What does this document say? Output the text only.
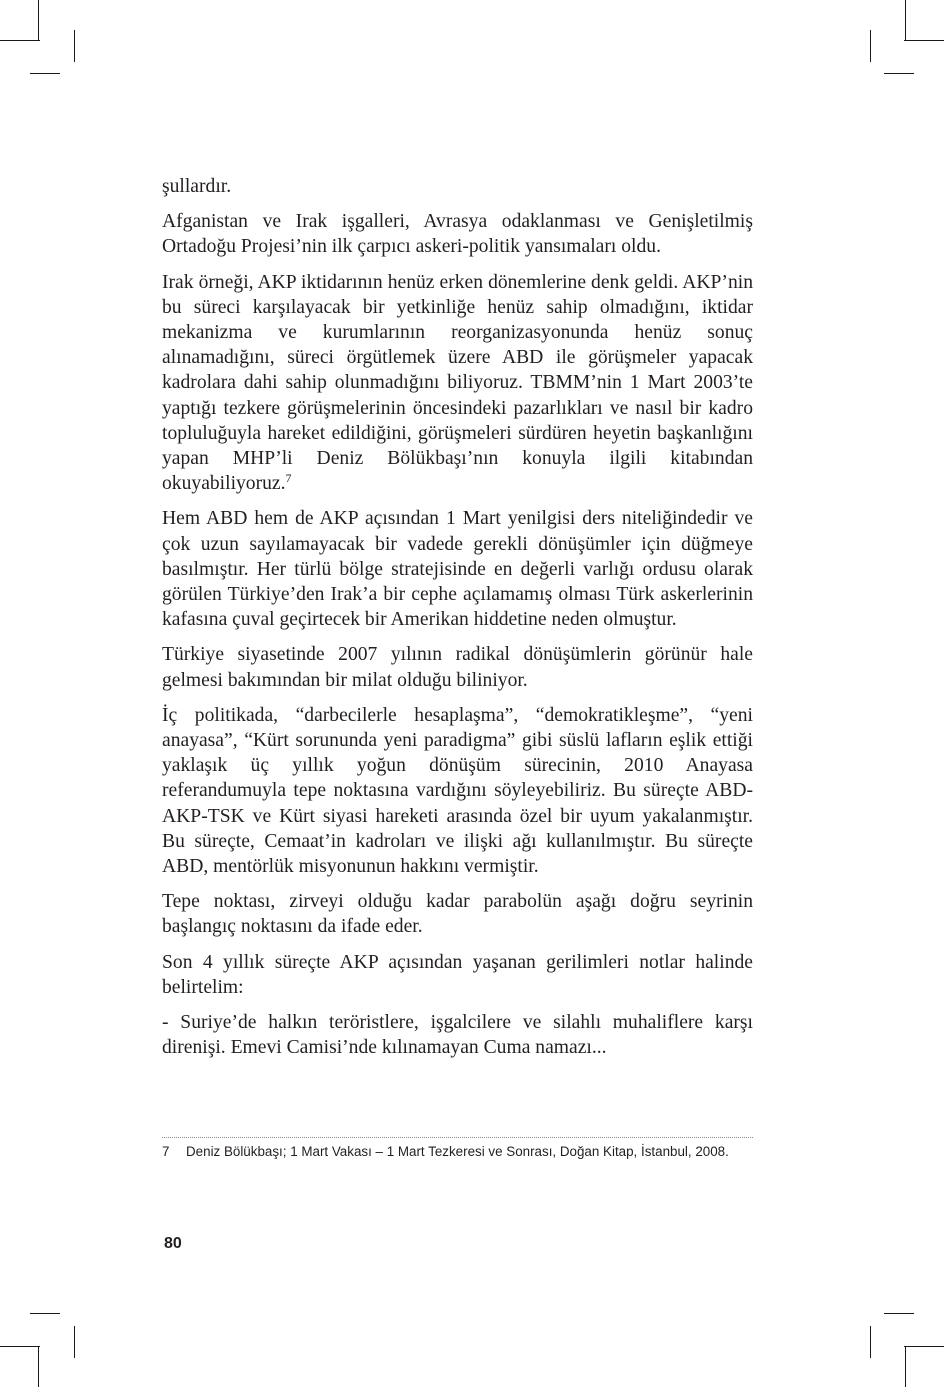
şullardır.

Afganistan ve Irak işgalleri, Avrasya odaklanması ve Genişletilmiş Ortadoğu Projesi’nin ilk çarpıcı askeri-politik yansımaları oldu.

Irak örneği, AKP iktidarının henüz erken dönemlerine denk geldi. AKP’nin bu süreci karşılayacak bir yetkinliğe henüz sahip olmadığını, iktidar mekanizma ve kurumlarının reorganizasyonunda henüz sonuç alınamadığını, süreci örgütlemek üzere ABD ile görüşmeler yapacak kadrolara dahi sahip olunmadığını biliyoruz. TBMM’nin 1 Mart 2003’te yaptığı tezkere görüşmelerinin öncesindeki pazarlıkları ve nasıl bir kadro topluluğuyla hareket edildiğini, görüşmeleri sürdüren heyetin başkanlığını yapan MHP’li Deniz Bölükbaşı’nın konuyla ilgili kitabından okuyabiliyoruz.$^7$

Hem ABD hem de AKP açısından 1 Mart yenilgisi ders niteliğindedir ve çok uzun sayılamayacak bir vadede gerekli dönüşümler için düğmeye basılmıştır. Her türlü bölge stratejisinde en değerli varlığı ordusu olarak görülen Türkiye’den Irak’a bir cephe açılamamış olması Türk askerlerinin kafasına çuval geçirtecek bir Amerikan hiddetine neden olmuştur.

Türkiye siyasetinde 2007 yılının radikal dönüşümlerin görünür hale gelmesi bakımından bir milat olduğu biliniyor.

İç politikada, “darbecilerle hesaplaşma”, “demokratikleşme”, “yeni anayasa”, “Kürt sorununda yeni paradigma” gibi süslü lafların eşlik ettiği yaklaşık üç yıllık yoğun dönüşüm sürecinin, 2010 Anayasa referandumuyla tepe noktasına vardığını söyleyebiliriz. Bu süreçte ABD-AKP-TSK ve Kürt siyasi hareketi arasında özel bir uyum yakalanmıştır. Bu süreçte, Cemaat’in kadroları ve ilişki ağı kullanılmıştır. Bu süreçte ABD, mentörlük misyonunun hakkını vermiştir.

Tepe noktası, zirveyi olduğu kadar parabolün aşağı doğru seyrinin başlangıç noktasını da ifade eder.

Son 4 yıllık süreçte AKP açısından yaşanan gerilimleri notlar halinde belirtelim:

- Suriye’de halkın teröristlere, işgalcilere ve silahlı muhaliflere karşı direnişi. Emevi Camisi’nde kılınamayan Cuma namazı...

7 Deniz Bölükbaşı; 1 Mart Vakası – 1 Mart Tezkeresi ve Sonrası, Doğan Kitap, İstanbul, 2008.
80
